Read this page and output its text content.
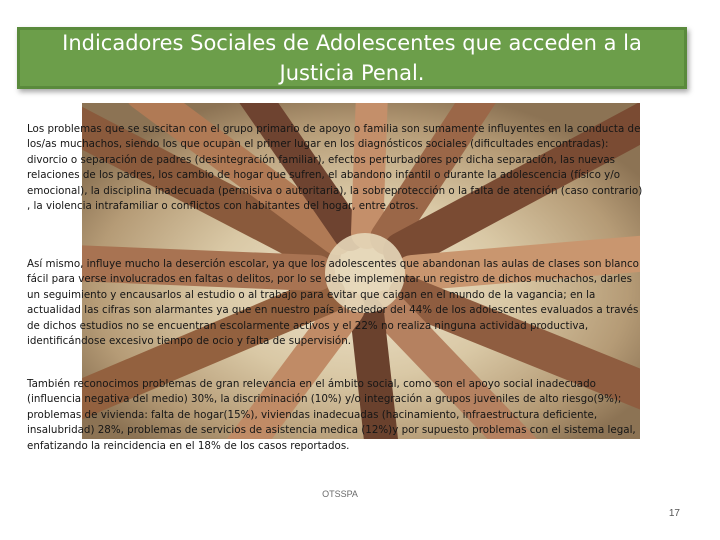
Indicadores Sociales de Adolescentes que acceden a la Justicia Penal.

Los problemas que se suscitan con el grupo primario de apoyo o familia son sumamente influyentes en la conducta de los/as muchachos, siendo los que ocupan el primer lugar en los diagnósticos sociales (dificultades encontradas): divorcio o separación de padres (desintegración familiar), efectos perturbadores por dicha separación, las nuevas relaciones de los padres, los cambio de hogar que sufren, el abandono infantil o durante la adolescencia (físico y/o emocional), la disciplina inadecuada (permisiva o autoritaria), la sobreprotección o la falta de atención (caso contrario) , la violencia intrafamiliar o conflictos con habitantes del hogar, entre otros.

Así mismo, influye mucho la deserción escolar, ya que los adolescentes que abandonan las aulas de clases son blanco fácil para verse involucrados en faltas o delitos, por lo se debe implementar un registro de dichos muchachos, darles un seguimiento y encausarlos al estudio o al trabajo para evitar que caigan en el mundo de la vagancia; en la actualidad las cifras son alarmantes ya que en nuestro país alrededor del 44% de los adolescentes evaluados a través de dichos estudios no se encuentran escolarmente activos y el 22% no realiza ninguna actividad productiva, identificándose excesivo tiempo de ocio y falta de supervisión.

También reconocimos problemas de gran relevancia en el ámbito social, como son el apoyo social inadecuado (influencia negativa del medio) 30%, la discriminación (10%) y/o integración a grupos juveniles de alto riesgo(9%); problemas de vivienda: falta de hogar(15%), viviendas inadecuadas (hacinamiento, infraestructura deficiente, insalubridad) 28%, problemas de servicios de asistencia medica (12%)y por supuesto problemas con el sistema legal, enfatizando la reincidencia en el 18% de los casos reportados.

OTSSPA
17
